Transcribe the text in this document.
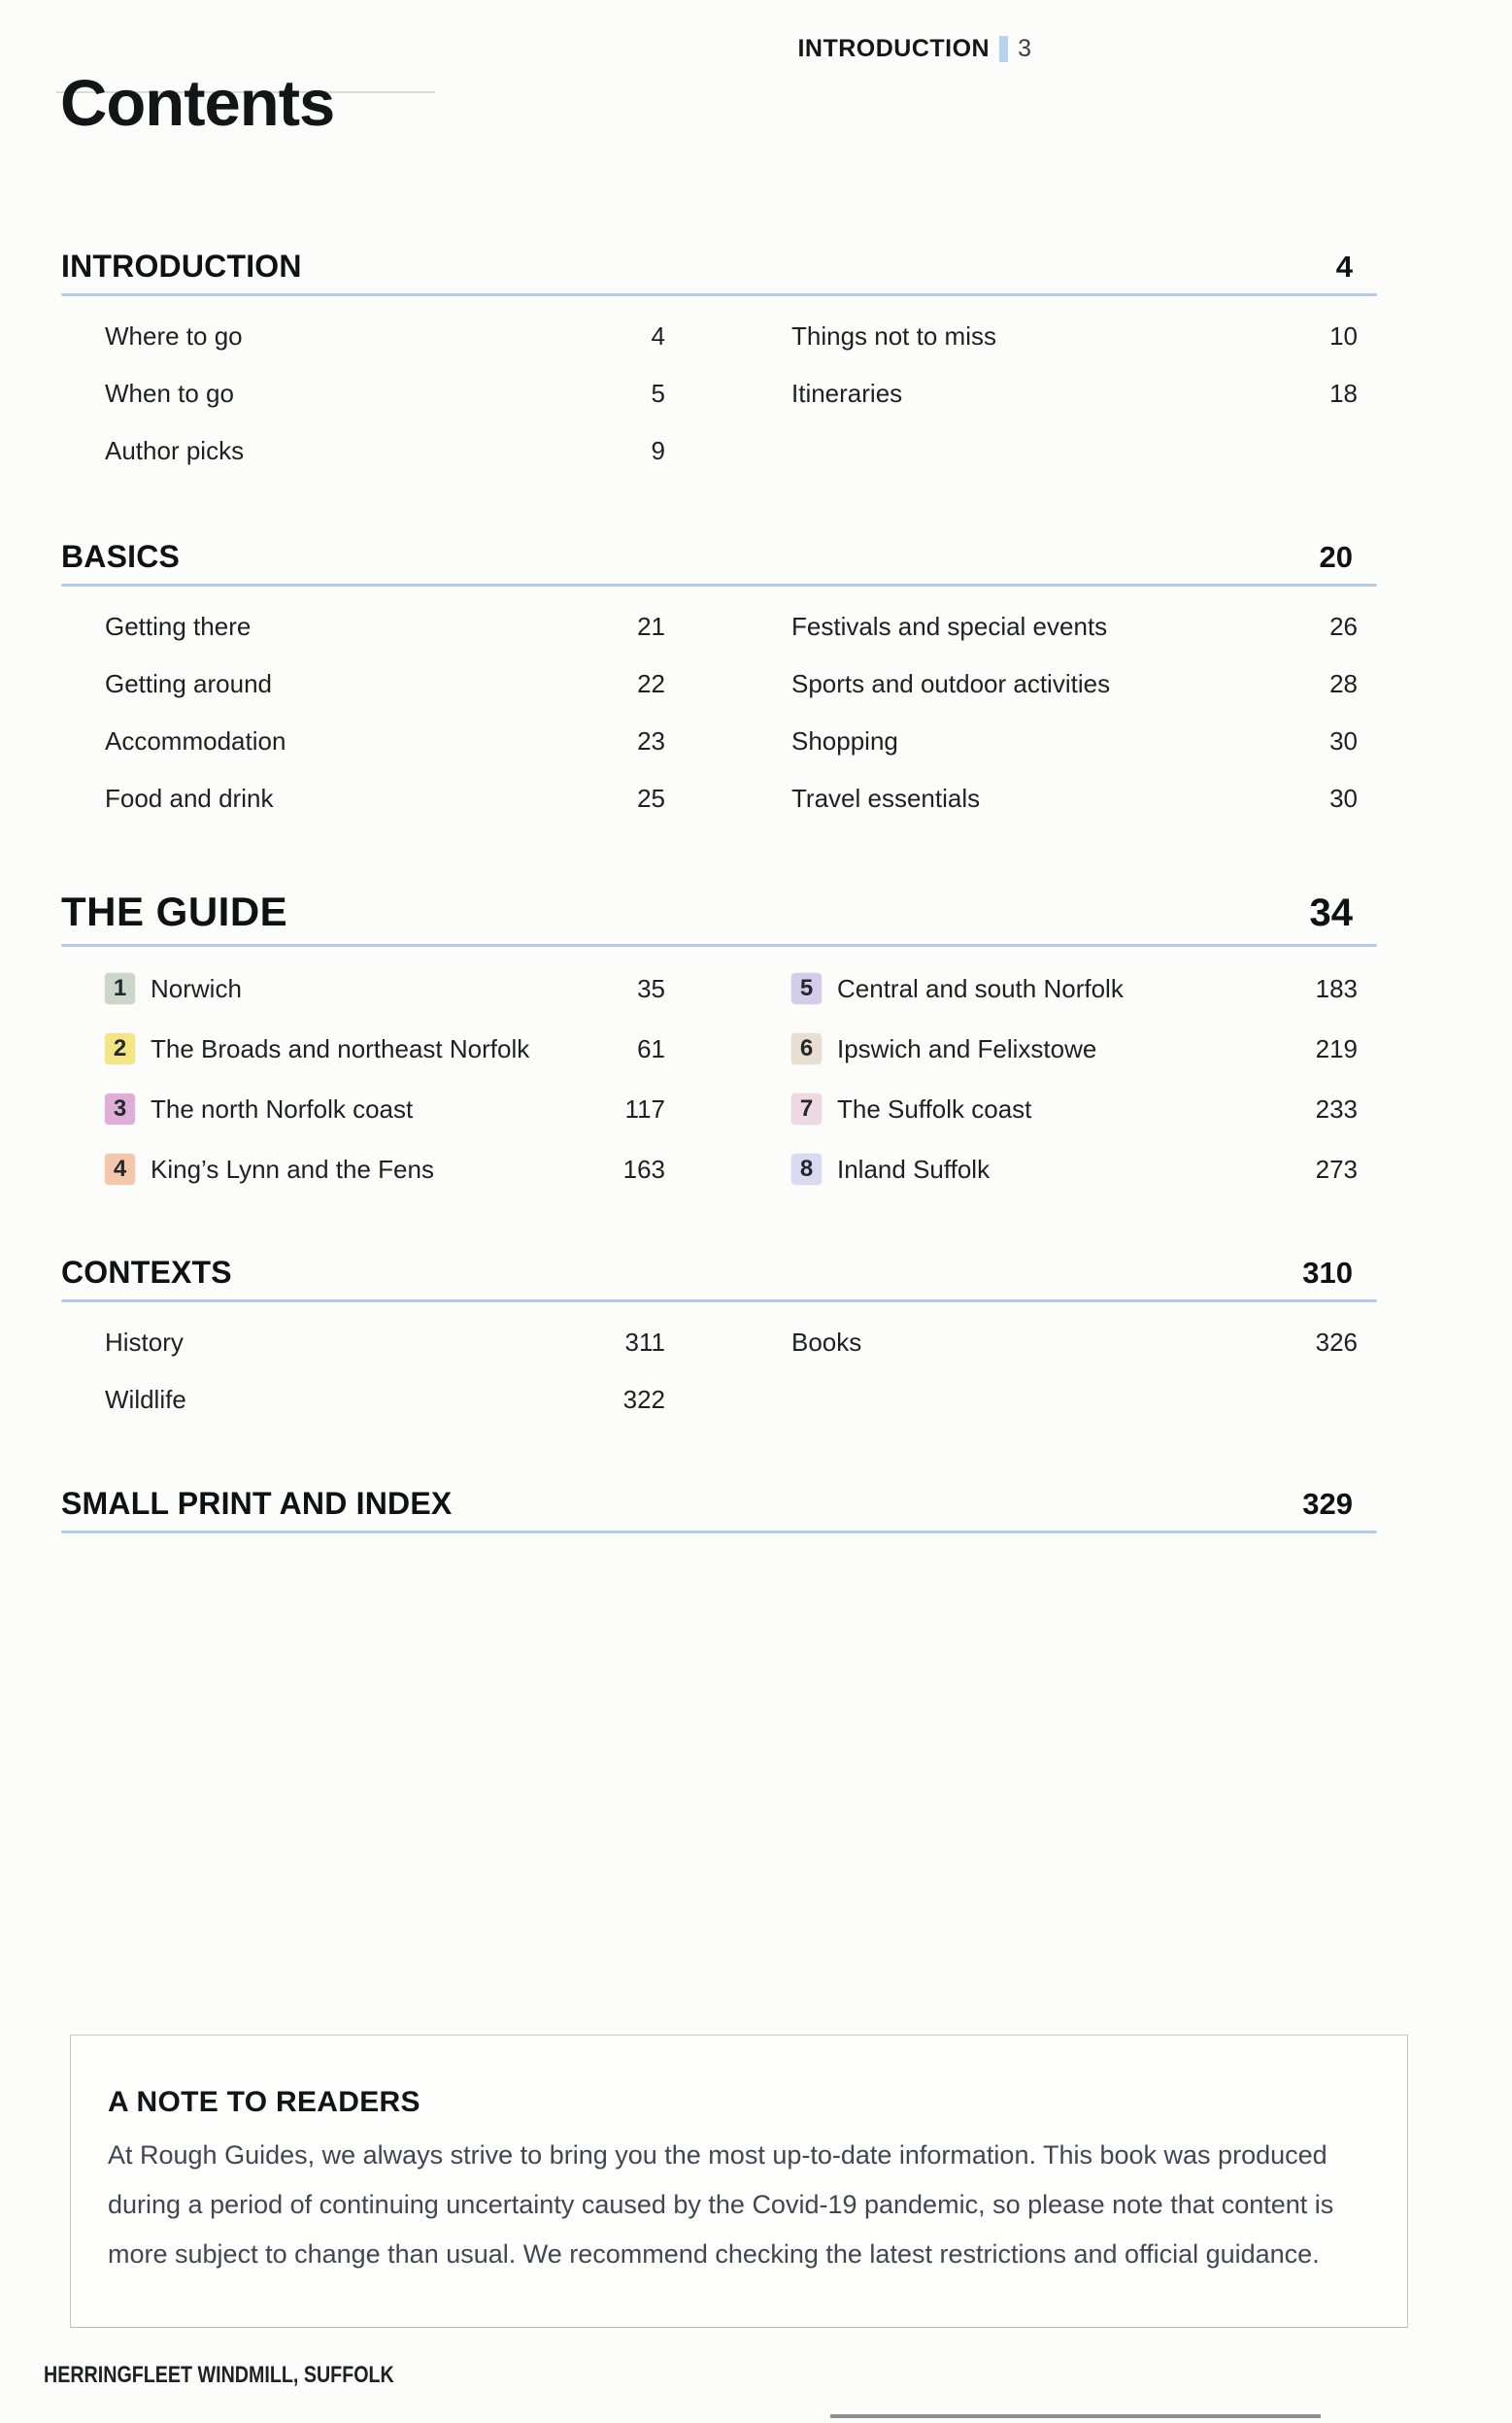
INTRODUCTION 3
Contents
INTRODUCTION	4
Where to go	4
When to go	5
Author picks	9
Things not to miss	10
Itineraries	18
BASICS	20
Getting there	21
Getting around	22
Accommodation	23
Food and drink	25
Festivals and special events	26
Sports and outdoor activities	28
Shopping	30
Travel essentials	30
THE GUIDE	34
1 Norwich	35
2 The Broads and northeast Norfolk	61
3 The north Norfolk coast	117
4 King’s Lynn and the Fens	163
5 Central and south Norfolk	183
6 Ipswich and Felixstowe	219
7 The Suffolk coast	233
8 Inland Suffolk	273
CONTEXTS	310
History	311
Wildlife	322
Books	326
SMALL PRINT AND INDEX	329
A NOTE TO READERS
At Rough Guides, we always strive to bring you the most up-to-date information. This book was produced during a period of continuing uncertainty caused by the Covid-19 pandemic, so please note that content is more subject to change than usual. We recommend checking the latest restrictions and official guidance.
HERRINGFLEET WINDMILL, SUFFOLK
